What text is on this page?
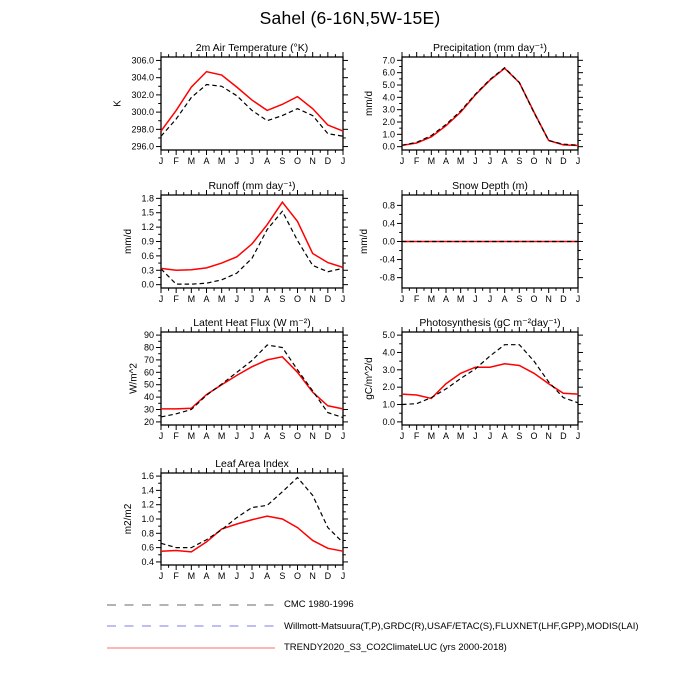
Sahel (6-16N,5W-15E)
J F M A M J J A S O N D J
296.0
298.0
300.0
302.0
304.0
306.0
2m Air Temperature (°K)
K
J F M A M J J A S O N D J
0.0
1.0
2.0
3.0
4.0
5.0
6.0
7.0
Precipitation (mm day⁻¹)
mm/d
J F M A M J J A S O N D J
0.0
0.3
0.6
0.9
1.2
1.5
1.8
Runoff (mm day⁻¹)
mm/d
J F M A M J J A S O N D J
-0.8
-0.4
0.0
0.4
0.8
Snow Depth (m)
mm/d
J F M A M J J A S O N D J
20
30
40
50
60
70
80
90
Latent Heat Flux (W m⁻²)
W/m^2
J F M A M J J A S O N D J
0.0
1.0
2.0
3.0
4.0
5.0
Photosynthesis (gC m⁻²day⁻¹)
gC/m^2/d
J F M A M J J A S O N D J
0.4
0.6
0.8
1.0
1.2
1.4
1.6
Leaf Area Index
m2/m2
CMC 1980-1996
Willmott-Matsuura(T,P),GRDC(R),USAF/ETAC(S),FLUXNET(LHF,GPP),MODIS(LAI)
TRENDY2020_S3_CO2ClimateLUC (yrs 2000-2018)
